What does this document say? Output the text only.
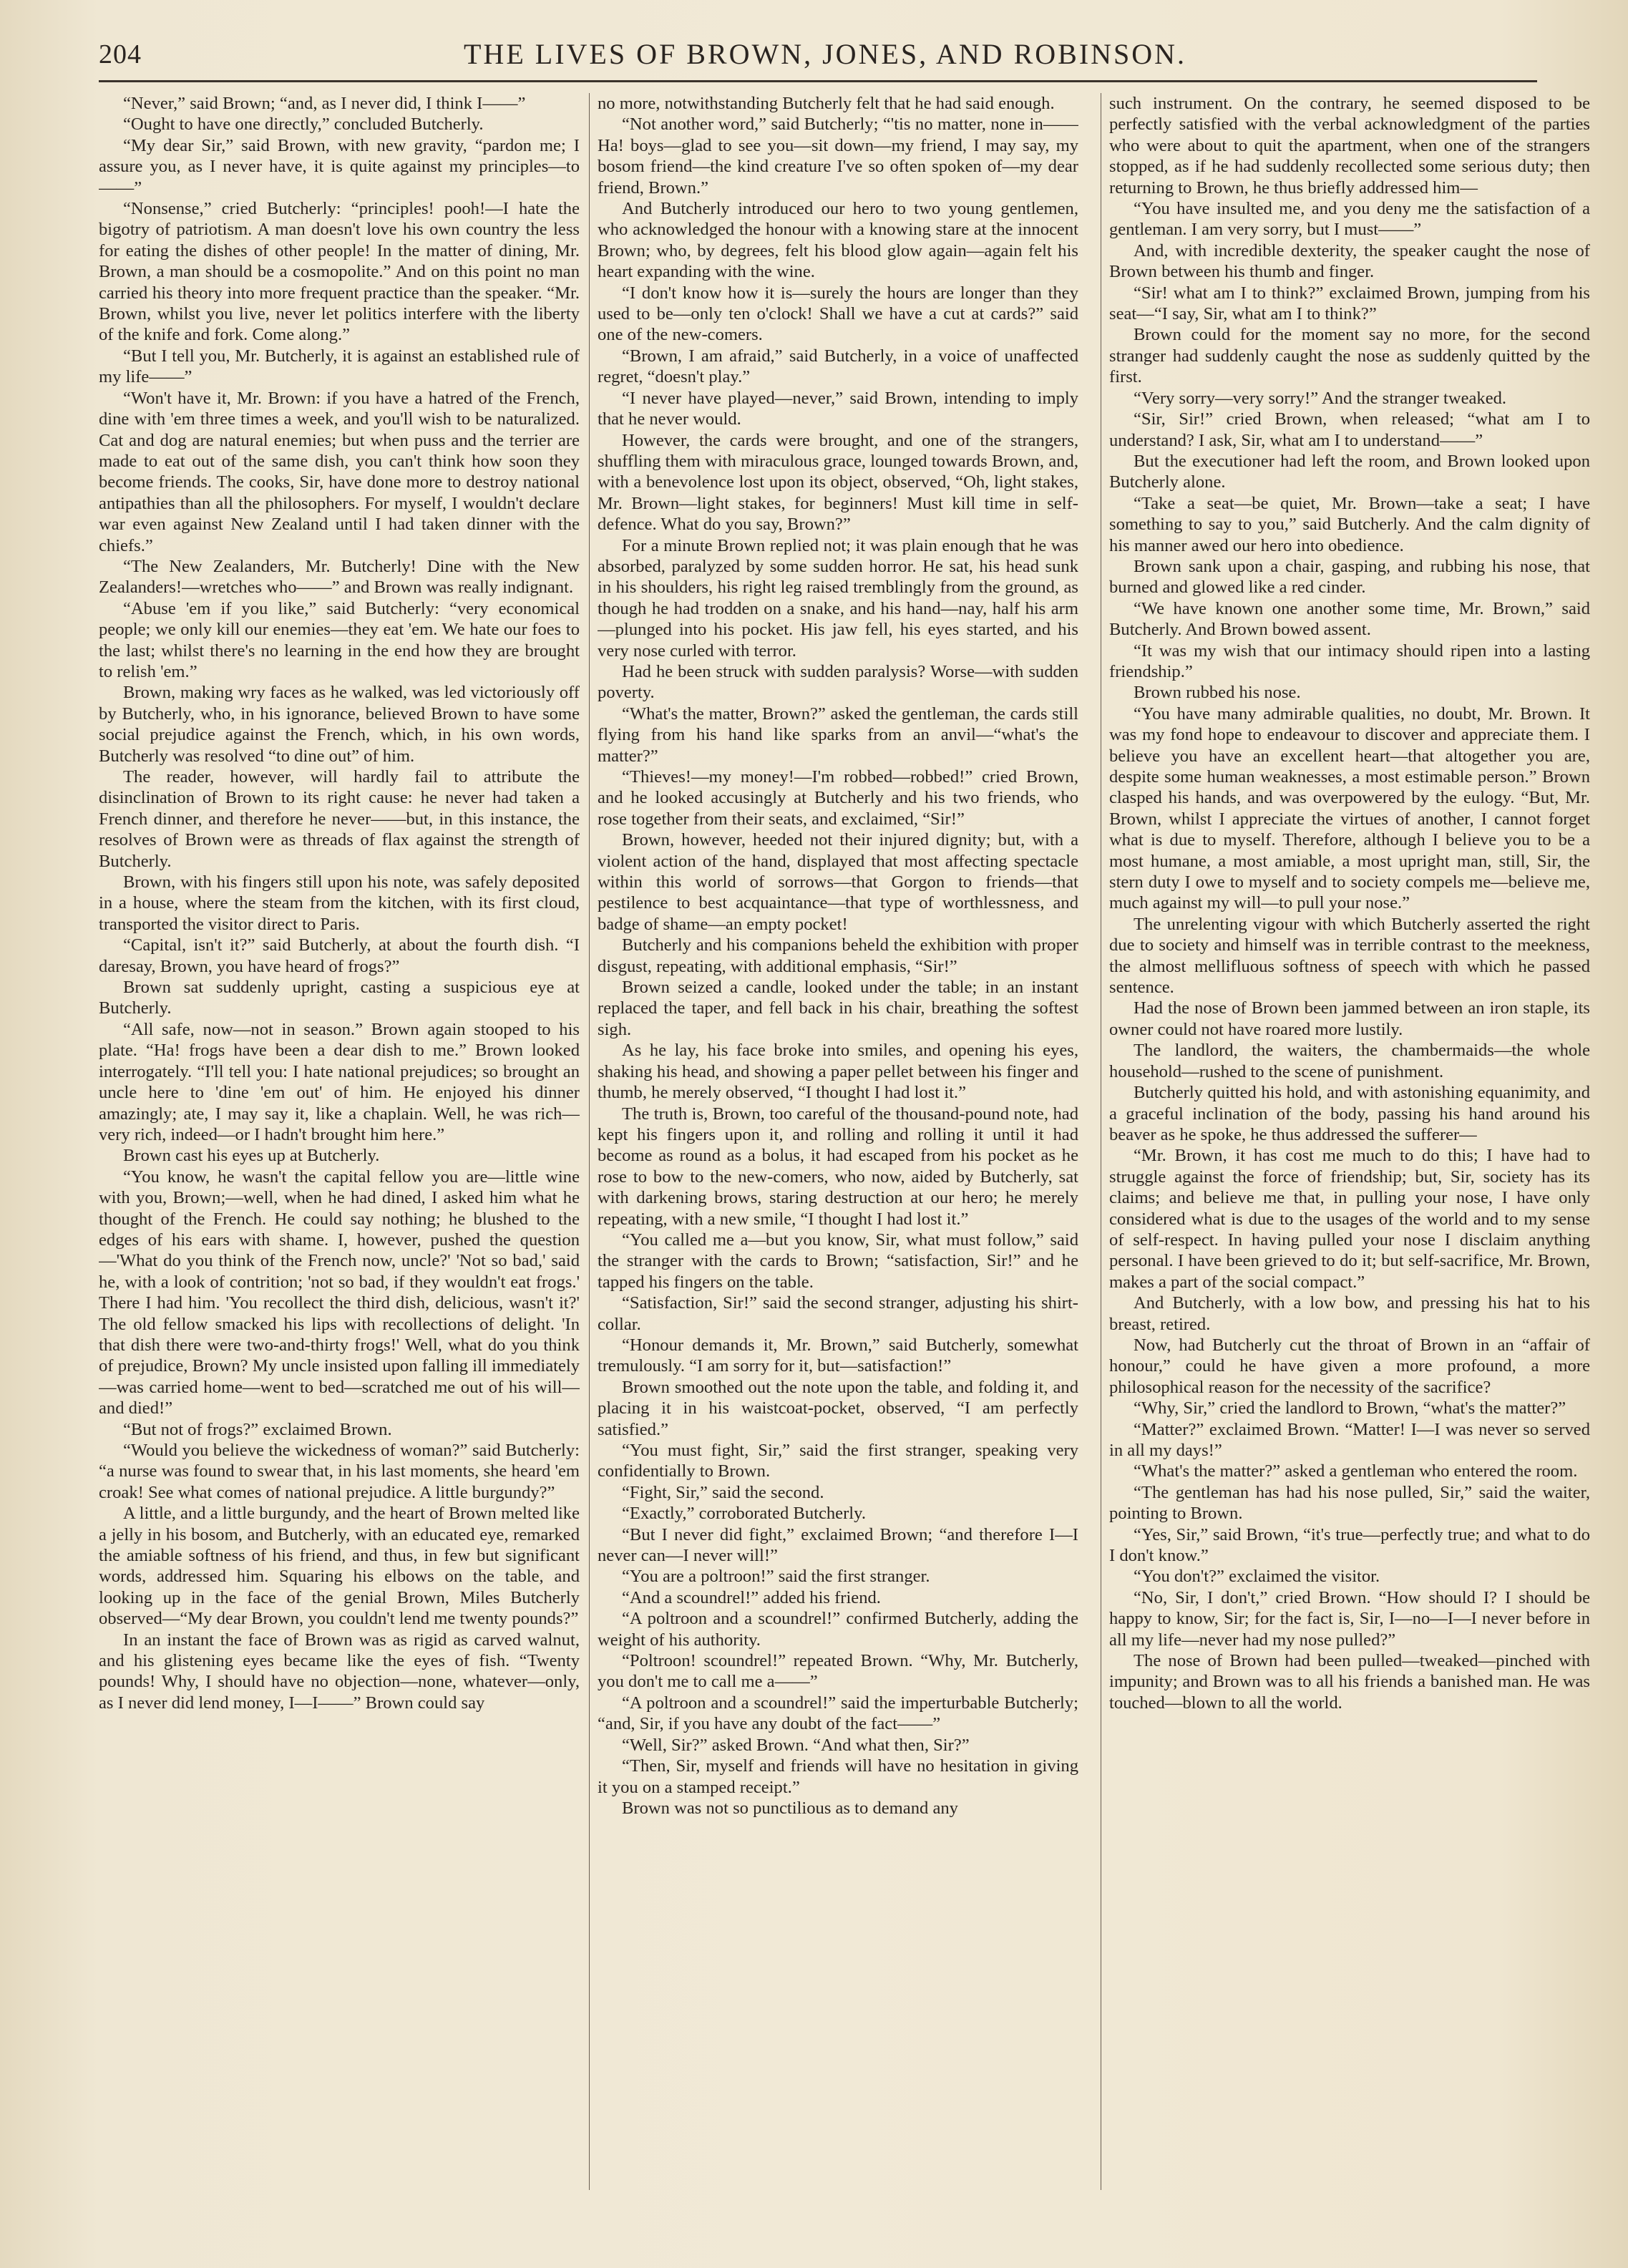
204	THE LIVES OF BROWN, JONES, AND ROBINSON.

“Never,” said Brown; “and, as I never did, I think I——”

“Ought to have one directly,” concluded Butcherly.

“My dear Sir,” said Brown, with new gravity, “pardon me; I assure you, as I never have, it is quite against my principles—to——”

“Nonsense,” cried Butcherly: “principles! pooh!—I hate the bigotry of patriotism. A man doesn't love his own country the less for eating the dishes of other people! In the matter of dining, Mr. Brown, a man should be a cosmopolite.” And on this point no man carried his theory into more frequent practice than the speaker. “Mr. Brown, whilst you live, never let politics interfere with the liberty of the knife and fork. Come along.”

“But I tell you, Mr. Butcherly, it is against an established rule of my life——”

“Won't have it, Mr. Brown: if you have a hatred of the French, dine with 'em three times a week, and you'll wish to be naturalized. Cat and dog are natural enemies; but when puss and the terrier are made to eat out of the same dish, you can't think how soon they become friends. The cooks, Sir, have done more to destroy national antipathies than all the philosophers. For myself, I wouldn't declare war even against New Zealand until I had taken dinner with the chiefs.”

“The New Zealanders, Mr. Butcherly! Dine with the New Zealanders!—wretches who——” and Brown was really indignant.

“Abuse 'em if you like,” said Butcherly: “very economical people; we only kill our enemies—they eat 'em. We hate our foes to the last; whilst there's no learning in the end how they are brought to relish 'em.”

Brown, making wry faces as he walked, was led victoriously off by Butcherly, who, in his ignorance, believed Brown to have some social prejudice against the French, which, in his own words, Butcherly was resolved “to dine out” of him.

The reader, however, will hardly fail to attribute the disinclination of Brown to its right cause: he never had taken a French dinner, and therefore he never——but, in this instance, the resolves of Brown were as threads of flax against the strength of Butcherly.

Brown, with his fingers still upon his note, was safely deposited in a house, where the steam from the kitchen, with its first cloud, transported the visitor direct to Paris.

“Capital, isn't it?” said Butcherly, at about the fourth dish. “I daresay, Brown, you have heard of frogs?”

Brown sat suddenly upright, casting a suspicious eye at Butcherly.

“All safe, now—not in season.” Brown again stooped to his plate. “Ha! frogs have been a dear dish to me.” Brown looked interrogately. “I'll tell you: I hate national prejudices; so brought an uncle here to 'dine 'em out' of him. He enjoyed his dinner amazingly; ate, I may say it, like a chaplain. Well, he was rich—very rich, indeed—or I hadn't brought him here.”

Brown cast his eyes up at Butcherly.

“You know, he wasn't the capital fellow you are—little wine with you, Brown;—well, when he had dined, I asked him what he thought of the French. He could say nothing; he blushed to the edges of his ears with shame. I, however, pushed the question—'What do you think of the French now, uncle?' 'Not so bad,' said he, with a look of contrition; 'not so bad, if they wouldn't eat frogs.' There I had him. 'You recollect the third dish, delicious, wasn't it?' The old fellow smacked his lips with recollections of delight. 'In that dish there were two-and-thirty frogs!' Well, what do you think of prejudice, Brown? My uncle insisted upon falling ill immediately—was carried home—went to bed—scratched me out of his will—and died!”

“But not of frogs?” exclaimed Brown.

“Would you believe the wickedness of woman?” said Butcherly: “a nurse was found to swear that, in his last moments, she heard 'em croak! See what comes of national prejudice. A little burgundy?”

A little, and a little burgundy, and the heart of Brown melted like a jelly in his bosom, and Butcherly, with an educated eye, remarked the amiable softness of his friend, and thus, in few but significant words, addressed him. Squaring his elbows on the table, and looking up in the face of the genial Brown, Miles Butcherly observed—“My dear Brown, you couldn't lend me twenty pounds?”

In an instant the face of Brown was as rigid as carved walnut, and his glistening eyes became like the eyes of fish. “Twenty pounds! Why, I should have no objection—none, whatever—only, as I never did lend money, I—I——” Brown could say

no more, notwithstanding Butcherly felt that he had said enough.

“Not another word,” said Butcherly; “'tis no matter, none in——Ha! boys—glad to see you—sit down—my friend, I may say, my bosom friend—the kind creature I've so often spoken of—my dear friend, Brown.”

And Butcherly introduced our hero to two young gentlemen, who acknowledged the honour with a knowing stare at the innocent Brown; who, by degrees, felt his blood glow again—again felt his heart expanding with the wine.

“I don't know how it is—surely the hours are longer than they used to be—only ten o'clock! Shall we have a cut at cards?” said one of the new-comers.

“Brown, I am afraid,” said Butcherly, in a voice of unaffected regret, “doesn't play.”

“I never have played—never,” said Brown, intending to imply that he never would.

However, the cards were brought, and one of the strangers, shuffling them with miraculous grace, lounged towards Brown, and, with a benevolence lost upon its object, observed, “Oh, light stakes, Mr. Brown—light stakes, for beginners! Must kill time in self-defence. What do you say, Brown?”

For a minute Brown replied not; it was plain enough that he was absorbed, paralyzed by some sudden horror. He sat, his head sunk in his shoulders, his right leg raised tremblingly from the ground, as though he had trodden on a snake, and his hand—nay, half his arm—plunged into his pocket. His jaw fell, his eyes started, and his very nose curled with terror.

Had he been struck with sudden paralysis? Worse—with sudden poverty.

“What's the matter, Brown?” asked the gentleman, the cards still flying from his hand like sparks from an anvil—“what's the matter?”

“Thieves!—my money!—I'm robbed—robbed!” cried Brown, and he looked accusingly at Butcherly and his two friends, who rose together from their seats, and exclaimed, “Sir!”

Brown, however, heeded not their injured dignity; but, with a violent action of the hand, displayed that most affecting spectacle within this world of sorrows—that Gorgon to friends—that pestilence to best acquaintance—that type of worthlessness, and badge of shame—an empty pocket!

Butcherly and his companions beheld the exhibition with proper disgust, repeating, with additional emphasis, “Sir!”

Brown seized a candle, looked under the table; in an instant replaced the taper, and fell back in his chair, breathing the softest sigh.

As he lay, his face broke into smiles, and opening his eyes, shaking his head, and showing a paper pellet between his finger and thumb, he merely observed, “I thought I had lost it.”

The truth is, Brown, too careful of the thousand-pound note, had kept his fingers upon it, and rolling and rolling it until it had become as round as a bolus, it had escaped from his pocket as he rose to bow to the new-comers, who now, aided by Butcherly, sat with darkening brows, staring destruction at our hero; he merely repeating, with a new smile, “I thought I had lost it.”

“You called me a—but you know, Sir, what must follow,” said the stranger with the cards to Brown; “satisfaction, Sir!” and he tapped his fingers on the table.

“Satisfaction, Sir!” said the second stranger, adjusting his shirt-collar.

“Honour demands it, Mr. Brown,” said Butcherly, somewhat tremulously. “I am sorry for it, but—satisfaction!”

Brown smoothed out the note upon the table, and folding it, and placing it in his waistcoat-pocket, observed, “I am perfectly satisfied.”

“You must fight, Sir,” said the first stranger, speaking very confidentially to Brown.

“Fight, Sir,” said the second.

“Exactly,” corroborated Butcherly.

“But I never did fight,” exclaimed Brown; “and therefore I—I never can—I never will!”

“You are a poltroon!” said the first stranger.

“And a scoundrel!” added his friend.

“A poltroon and a scoundrel!” confirmed Butcherly, adding the weight of his authority.

“Poltroon! scoundrel!” repeated Brown. “Why, Mr. Butcherly, you don't me to call me a——”

“A poltroon and a scoundrel!” said the imperturbable Butcherly; “and, Sir, if you have any doubt of the fact——”

“Well, Sir?” asked Brown. “And what then, Sir?”

“Then, Sir, myself and friends will have no hesitation in giving it you on a stamped receipt.”

Brown was not so punctilious as to demand any

such instrument. On the contrary, he seemed disposed to be perfectly satisfied with the verbal acknowledgment of the parties who were about to quit the apartment, when one of the strangers stopped, as if he had suddenly recollected some serious duty; then returning to Brown, he thus briefly addressed him—

“You have insulted me, and you deny me the satisfaction of a gentleman. I am very sorry, but I must——”

And, with incredible dexterity, the speaker caught the nose of Brown between his thumb and finger.

“Sir! what am I to think?” exclaimed Brown, jumping from his seat—“I say, Sir, what am I to think?”

Brown could for the moment say no more, for the second stranger had suddenly caught the nose as suddenly quitted by the first.

“Very sorry—very sorry!” And the stranger tweaked.

“Sir, Sir!” cried Brown, when released; “what am I to understand? I ask, Sir, what am I to understand——”

But the executioner had left the room, and Brown looked upon Butcherly alone.

“Take a seat—be quiet, Mr. Brown—take a seat; I have something to say to you,” said Butcherly. And the calm dignity of his manner awed our hero into obedience.

Brown sank upon a chair, gasping, and rubbing his nose, that burned and glowed like a red cinder.

“We have known one another some time, Mr. Brown,” said Butcherly. And Brown bowed assent.

“It was my wish that our intimacy should ripen into a lasting friendship.”

Brown rubbed his nose.

“You have many admirable qualities, no doubt, Mr. Brown. It was my fond hope to endeavour to discover and appreciate them. I believe you have an excellent heart—that altogether you are, despite some human weaknesses, a most estimable person.” Brown clasped his hands, and was overpowered by the eulogy. “But, Mr. Brown, whilst I appreciate the virtues of another, I cannot forget what is due to myself. Therefore, although I believe you to be a most humane, a most amiable, a most upright man, still, Sir, the stern duty I owe to myself and to society compels me—believe me, much against my will—to pull your nose.”

The unrelenting vigour with which Butcherly asserted the right due to society and himself was in terrible contrast to the meekness, the almost mellifluous softness of speech with which he passed sentence.

Had the nose of Brown been jammed between an iron staple, its owner could not have roared more lustily.

The landlord, the waiters, the chambermaids—the whole household—rushed to the scene of punishment.

Butcherly quitted his hold, and with astonishing equanimity, and a graceful inclination of the body, passing his hand around his beaver as he spoke, he thus addressed the sufferer—

“Mr. Brown, it has cost me much to do this; I have had to struggle against the force of friendship; but, Sir, society has its claims; and believe me that, in pulling your nose, I have only considered what is due to the usages of the world and to my sense of self-respect. In having pulled your nose I disclaim anything personal. I have been grieved to do it; but self-sacrifice, Mr. Brown, makes a part of the social compact.”

And Butcherly, with a low bow, and pressing his hat to his breast, retired.

Now, had Butcherly cut the throat of Brown in an “affair of honour,” could he have given a more profound, a more philosophical reason for the necessity of the sacrifice?

“Why, Sir,” cried the landlord to Brown, “what's the matter?”

“Matter?” exclaimed Brown. “Matter! I—I was never so served in all my days!”

“What's the matter?” asked a gentleman who entered the room.

“The gentleman has had his nose pulled, Sir,” said the waiter, pointing to Brown.

“Yes, Sir,” said Brown, “it's true—perfectly true; and what to do I don't know.”

“You don't?” exclaimed the visitor.

“No, Sir, I don't,” cried Brown. “How should I? I should be happy to know, Sir; for the fact is, Sir, I—no—I—I never before in all my life—never had my nose pulled?”

The nose of Brown had been pulled—tweaked—pinched with impunity; and Brown was to all his friends a banished man. He was touched—blown to all the world.
